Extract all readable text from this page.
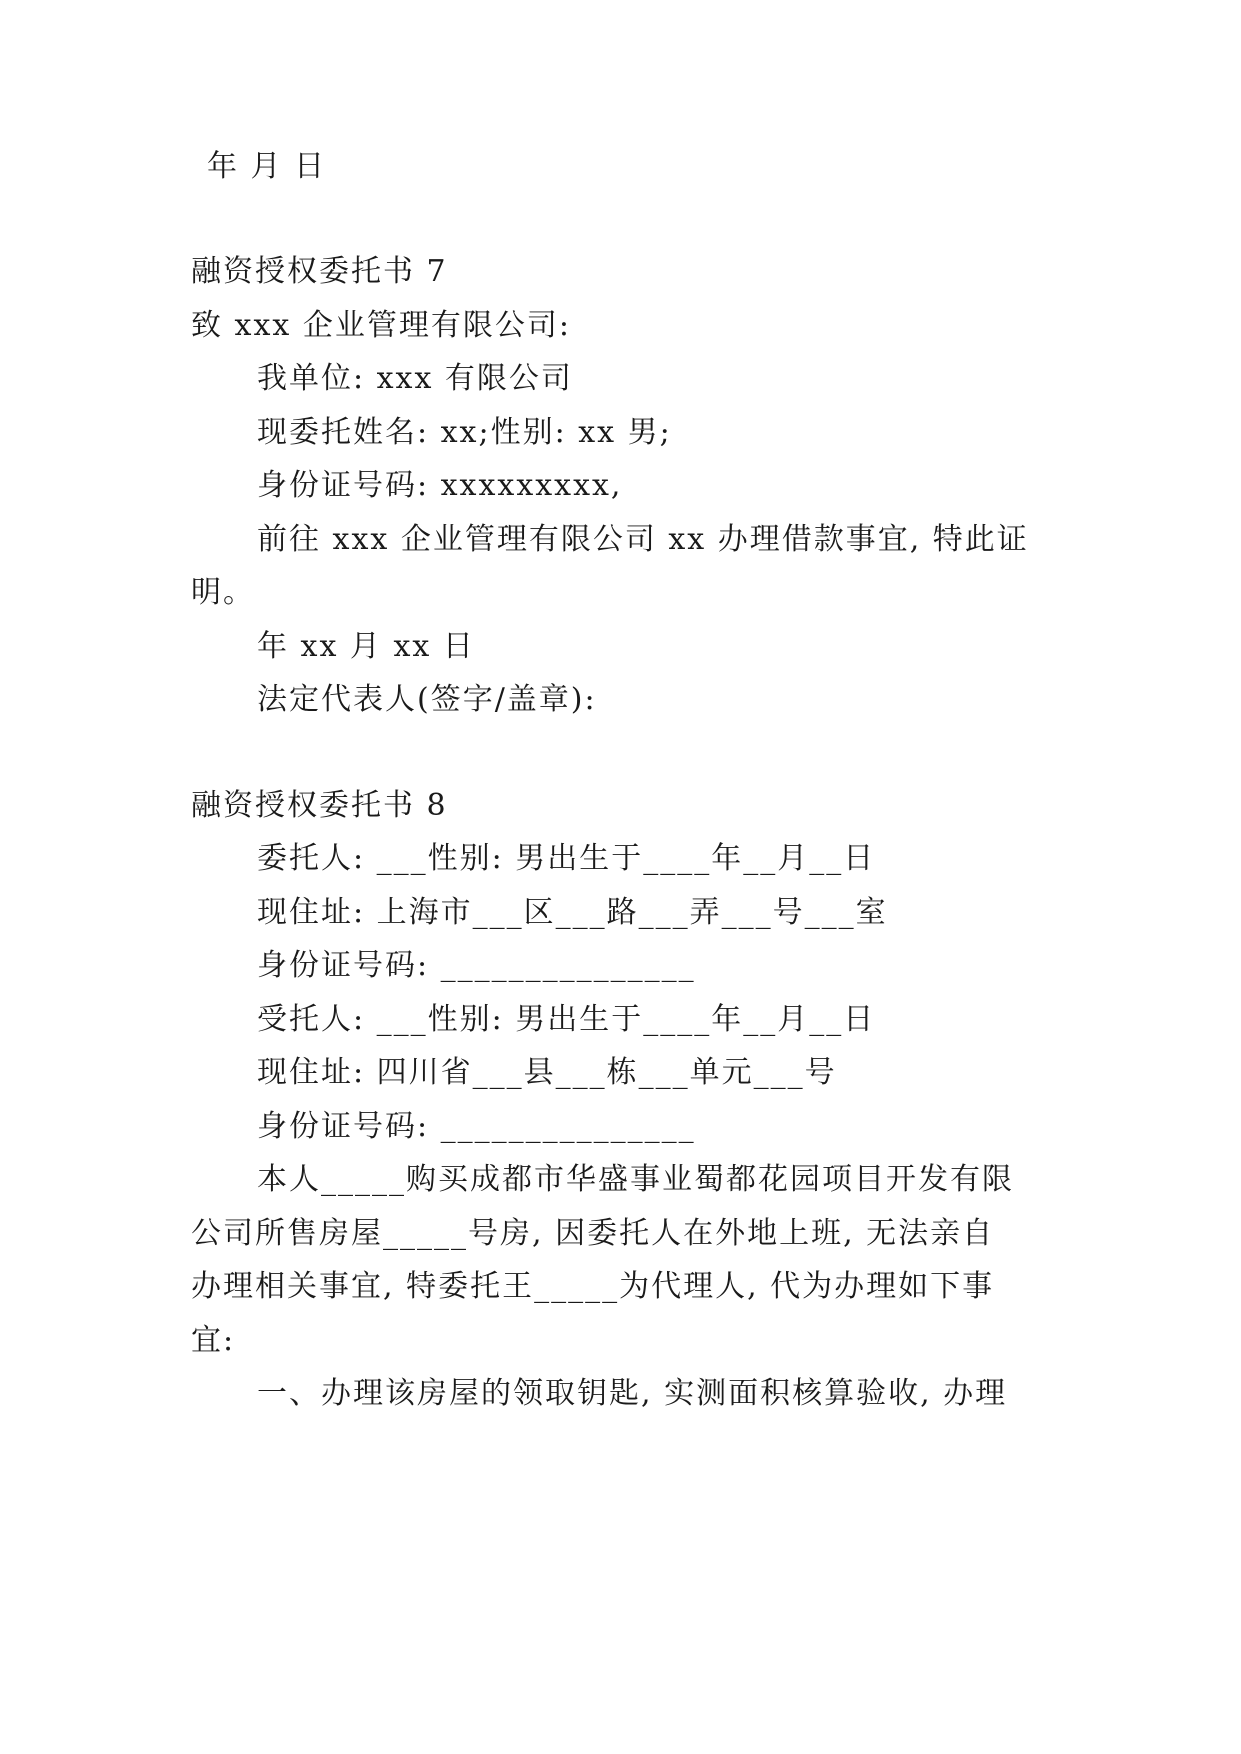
年 月 日
融资授权委托书 7
致 xxx 企业管理有限公司:
我单位: xxx 有限公司
现委托姓名: xx;性别: xx 男;
身份证号码: xxxxxxxxx,
前往 xxx 企业管理有限公司 xx 办理借款事宜, 特此证
明。
年 xx 月 xx 日
法定代表人(签字/盖章):
融资授权委托书 8
委托人: ___性别: 男出生于____年__月__日
现住址: 上海市___区___路___弄___号___室
身份证号码: _______________
受托人: ___性别: 男出生于____年__月__日
现住址: 四川省___县___栋___单元___号
身份证号码: _______________
本人_____购买成都市华盛事业蜀都花园项目开发有限
公司所售房屋_____号房, 因委托人在外地上班, 无法亲自
办理相关事宜, 特委托王_____为代理人, 代为办理如下事
宜:
一、办理该房屋的领取钥匙, 实测面积核算验收, 办理
